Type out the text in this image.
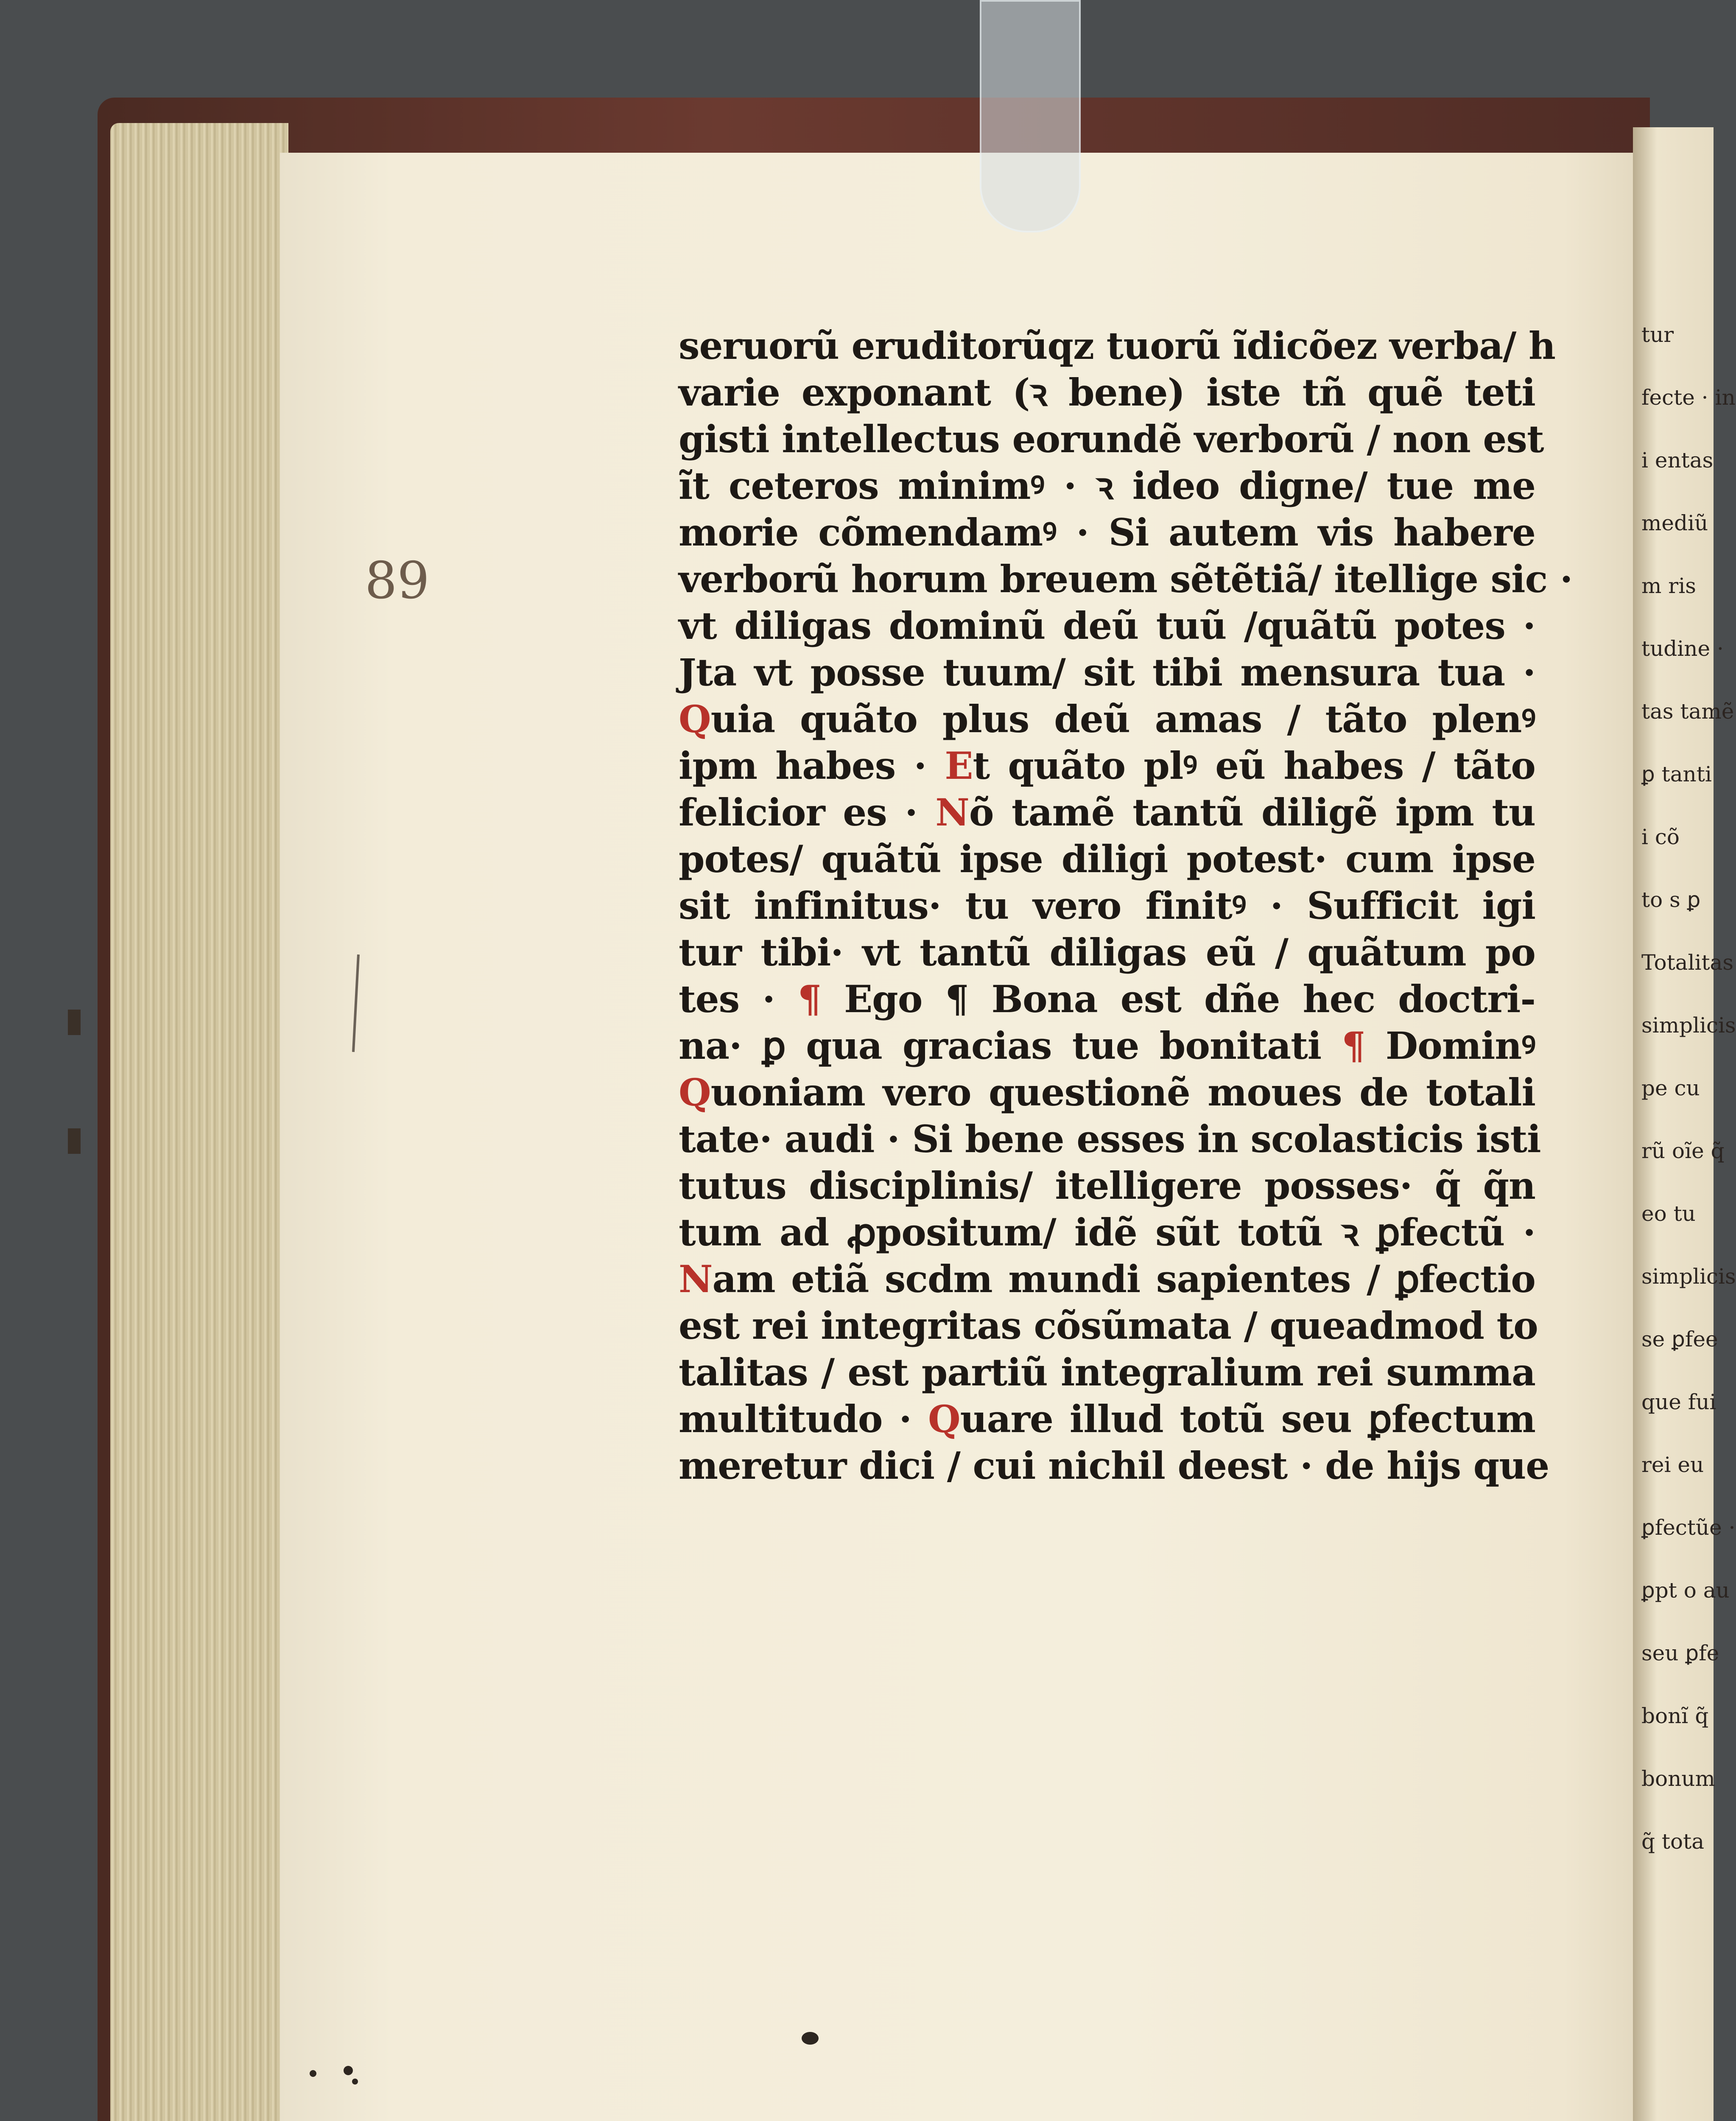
tur
fecte · in
i entas
mediũ
m ris
tudine ·
tas tamẽ
ꝑ tanti
i cõ
to s ꝑ
Totalitas
simplicis
pe cu
rũ oĩe q̃
eo tu
simplicis
se ꝑfee
que fui
rei eu
ꝑfectũe ·
ꝑpt o au
seu ꝑfe
bonĩ q̃
bonum
q̃ tota
89
seruorũ eruditorũqz tuorũ ĩdicõez verba/ h
varie exponant (ꝛ bene) iste tñ quẽ teti
gisti intellectus eorundẽ verborũ / non est
ĩt ceteros minimꝰ · ꝛ ideo digne/ tue me
morie cõmendamꝰ · Si autem vis habere
verborũ horum breuem sẽtẽtiã/ itellige sic ·
vt diligas dominũ deũ tuũ /quãtũ potes ·
Jta vt posse tuum/ sit tibi mensura tua ·
Quia quãto plus deũ amas / tãto plenꝰ
ipm habes · Et quãto plꝰ eũ habes / tãto
felicior es · Nõ tamẽ tantũ diligẽ ipm tu
potes/ quãtũ ipse diligi potest· cum ipse
sit infinitus· tu vero finitꝰ · Sufficit igi
tur tibi· vt tantũ diligas eũ / quãtum po
tes · ¶ Ego ¶ Bona est dñe hec doctri-
na· ꝑ qua gracias tue bonitati ¶ Dominꝰ
Quoniam vero questionẽ moues de totali
tate· audi · Si bene esses in scolasticis isti
tutus disciplinis/ itelligere posses· q̃ q̃n
tum ad ꝓpositum/ idẽ sũt totũ ꝛ ꝑfectũ ·
Nam etiã scdm mundi sapientes / ꝑfectio
est rei integritas cõsũmata / queadmod to
talitas / est partiũ integralium rei summa
multitudo · Quare illud totũ seu ꝑfectum
meretur dici / cui nichil deest · de hijs que
